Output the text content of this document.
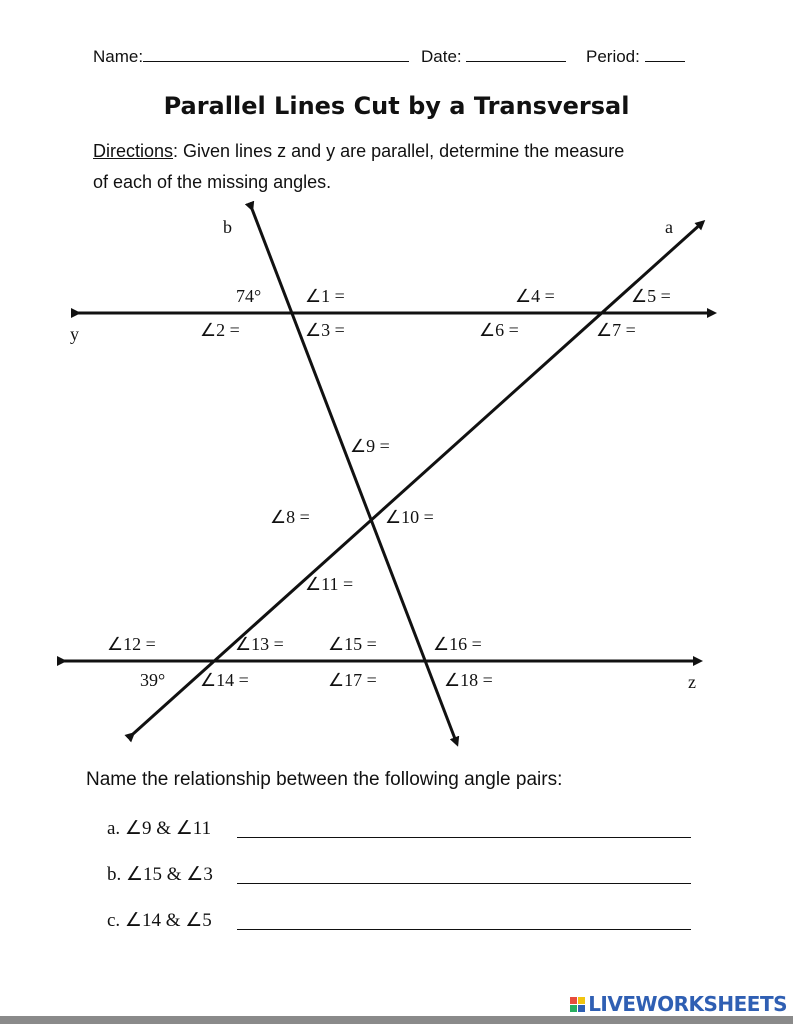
Name:	Date:	Period:
Parallel Lines Cut by a Transversal
Directions: Given lines z and y are parallel, determine the measure
of each of the missing angles.
b	a
y
z
74°
39°
∠1 =
∠2 =	∠3 =
∠4 =	∠5 =
∠6 =	∠7 =
∠8 =
∠9 =
∠10 =
∠11 =
∠12 =	∠13 =
∠14 =
∠15 =	∠16 =
∠17 =	∠18 =
Name the relationship between the following angle pairs:
a. ∠9 & ∠11
b. ∠15 & ∠3
c. ∠14 & ∠5
LIVEWORKSHEETS
